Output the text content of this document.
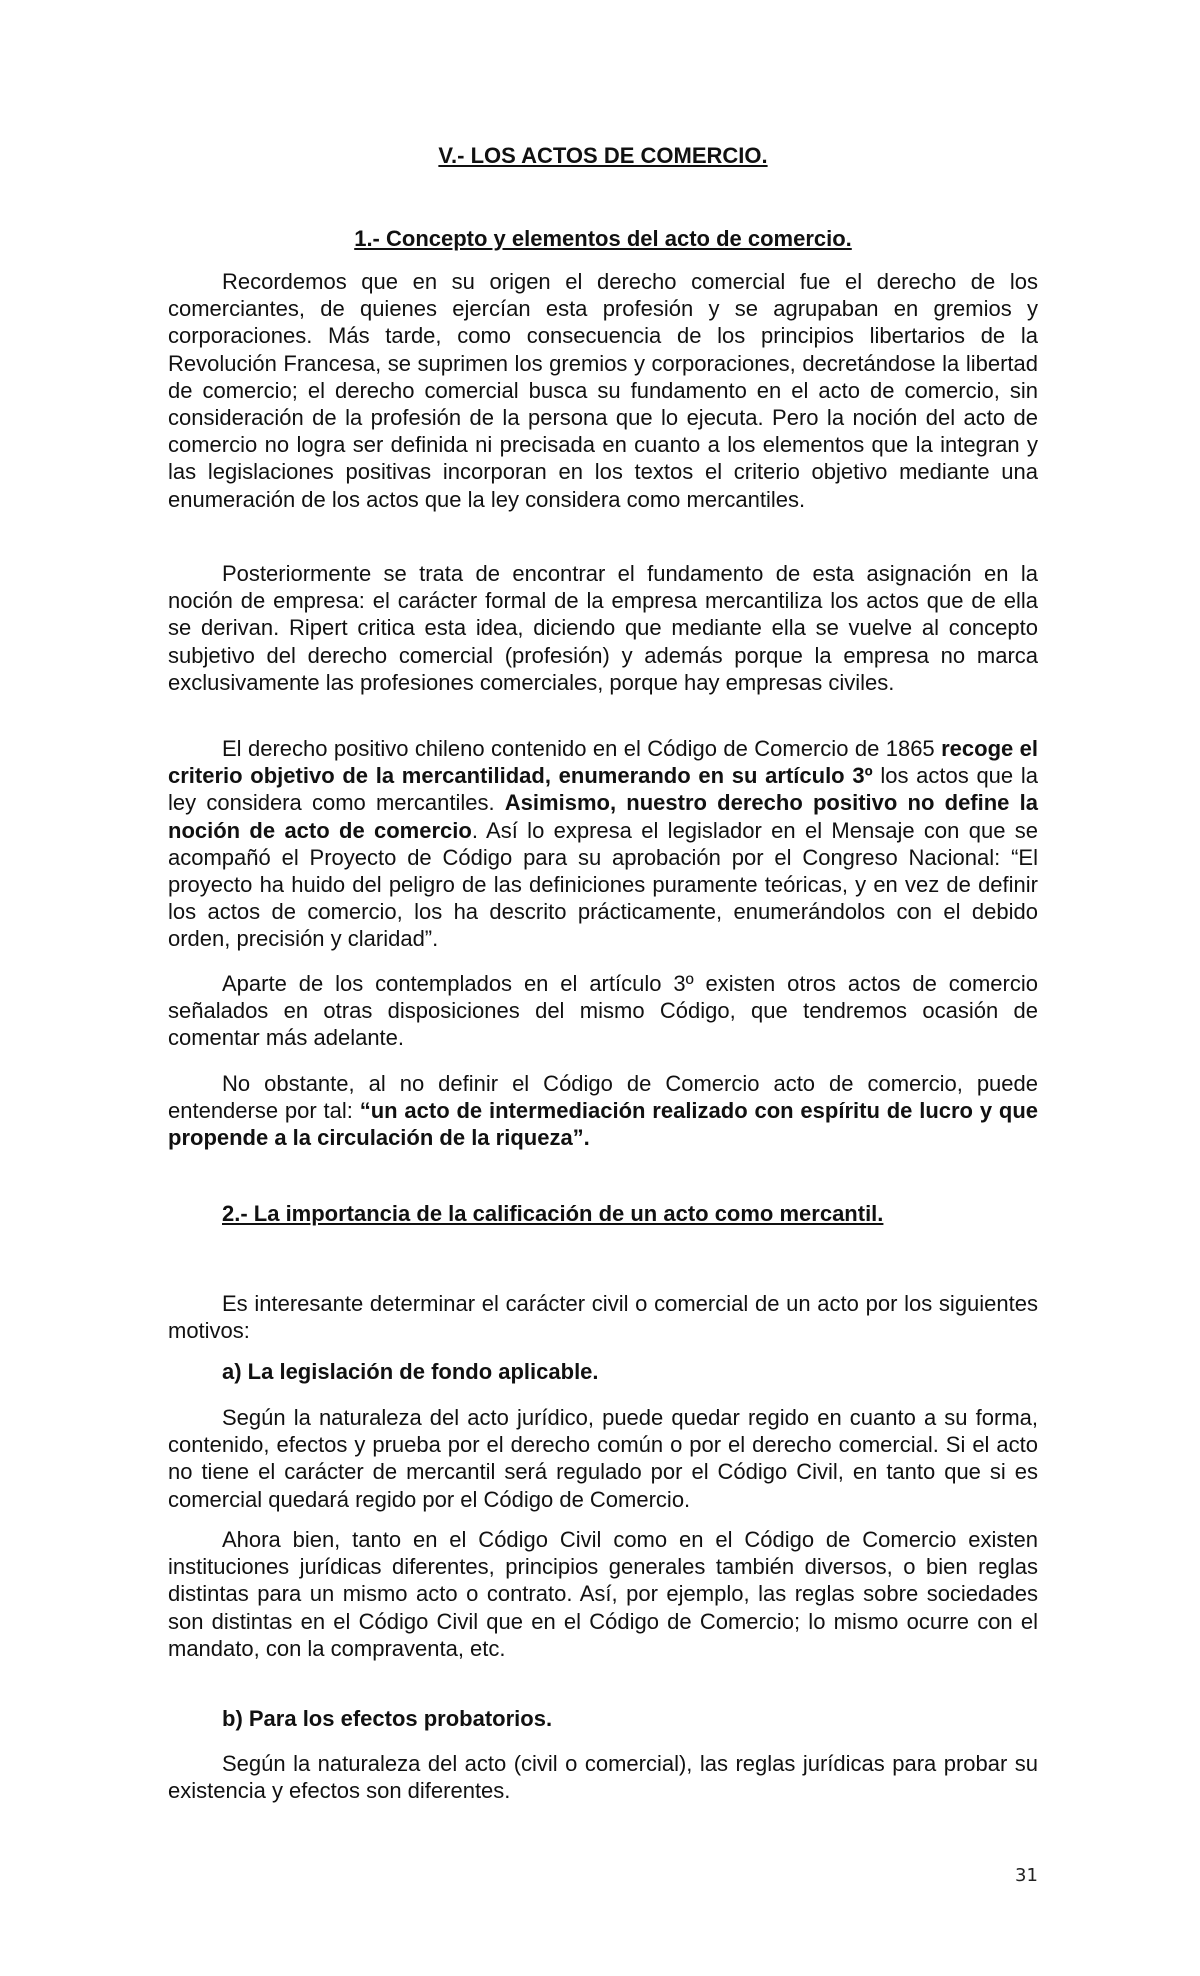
V.- LOS ACTOS DE COMERCIO.
1.- Concepto y elementos del acto de comercio.

Recordemos que en su origen el derecho comercial fue el derecho de los comerciantes, de quienes ejercían esta profesión y se agrupaban en gremios y corporaciones. Más tarde, como consecuencia de los principios libertarios de la Revolución Francesa, se suprimen los gremios y corporaciones, decretándose la libertad de comercio; el derecho comercial busca su fundamento en el acto de comercio, sin consideración de la profesión de la persona que lo ejecuta. Pero la noción del acto de comercio no logra ser definida ni precisada en cuanto a los elementos que la integran y las legislaciones positivas incorporan en los textos el criterio objetivo mediante una enumeración de los actos que la ley considera como mercantiles.

Posteriormente se trata de encontrar el fundamento de esta asignación en la noción de empresa: el carácter formal de la empresa mercantiliza los actos que de ella se derivan. Ripert critica esta idea, diciendo que mediante ella se vuelve al concepto subjetivo del derecho comercial (profesión) y además porque la empresa no marca exclusivamente las profesiones comerciales, porque hay empresas civiles.

El derecho positivo chileno contenido en el Código de Comercio de 1865 recoge el criterio objetivo de la mercantilidad, enumerando en su artículo 3º los actos que la ley considera como mercantiles. Asimismo, nuestro derecho positivo no define la noción de acto de comercio. Así lo expresa el legislador en el Mensaje con que se acompañó el Proyecto de Código para su aprobación por el Congreso Nacional: “El proyecto ha huido del peligro de las definiciones puramente teóricas, y en vez de definir los actos de comercio, los ha descrito prácticamente, enumerándolos con el debido orden, precisión y claridad”.

Aparte de los contemplados en el artículo 3º existen otros actos de comercio señalados en otras disposiciones del mismo Código, que tendremos ocasión de comentar más adelante.

No obstante, al no definir el Código de Comercio acto de comercio, puede entenderse por tal: “un acto de intermediación realizado con espíritu de lucro y que propende a la circulación de la riqueza”.

2.- La importancia de la calificación de un acto como mercantil.

Es interesante determinar el carácter civil o comercial de un acto por los siguientes motivos:

a) La legislación de fondo aplicable.

Según la naturaleza del acto jurídico, puede quedar regido en cuanto a su forma, contenido, efectos y prueba por el derecho común o por el derecho comercial. Si el acto no tiene el carácter de mercantil será regulado por el Código Civil, en tanto que si es comercial quedará regido por el Código de Comercio.

Ahora bien, tanto en el Código Civil como en el Código de Comercio existen instituciones jurídicas diferentes, principios generales también diversos, o bien reglas distintas para un mismo acto o contrato. Así, por ejemplo, las reglas sobre sociedades son distintas en el Código Civil que en el Código de Comercio; lo mismo ocurre con el mandato, con la compraventa, etc.

b) Para los efectos probatorios.

Según la naturaleza del acto (civil o comercial), las reglas jurídicas para probar su existencia y efectos son diferentes.

31
